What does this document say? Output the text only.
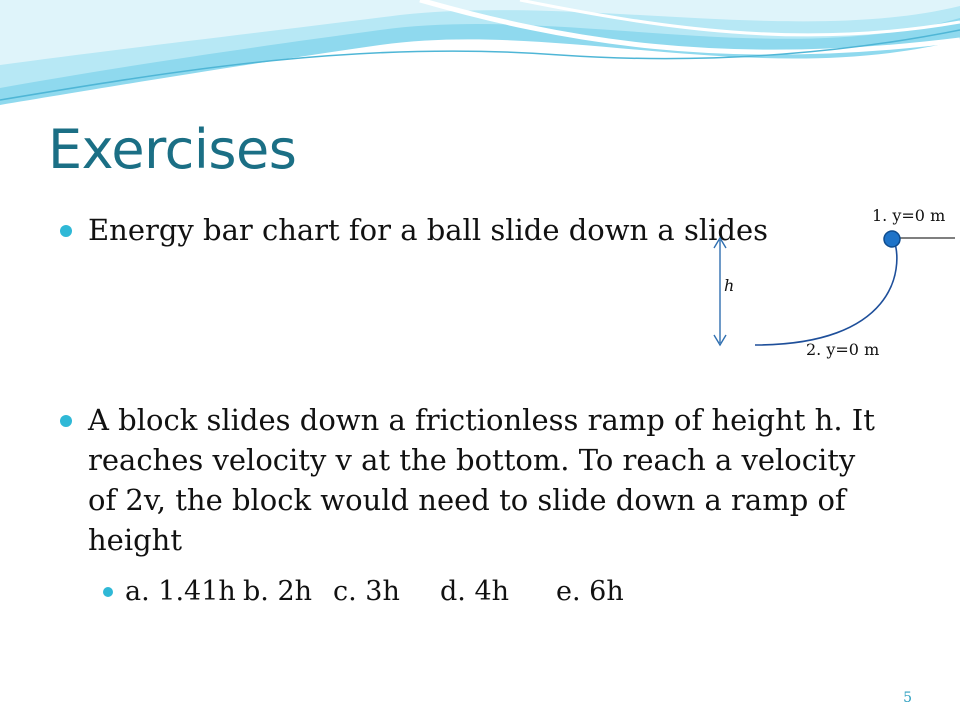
Exercises
Energy bar chart for a ball slide down a slides
A block slides down a frictionless ramp of height h. It reaches velocity v at the bottom. To reach a velocity of 2v, the block would need to slide down a ramp of height
a. 1.41h b. 2h c. 3h d. 4h e. 6h
1. y=0 m
h
2. y=0 m
5
